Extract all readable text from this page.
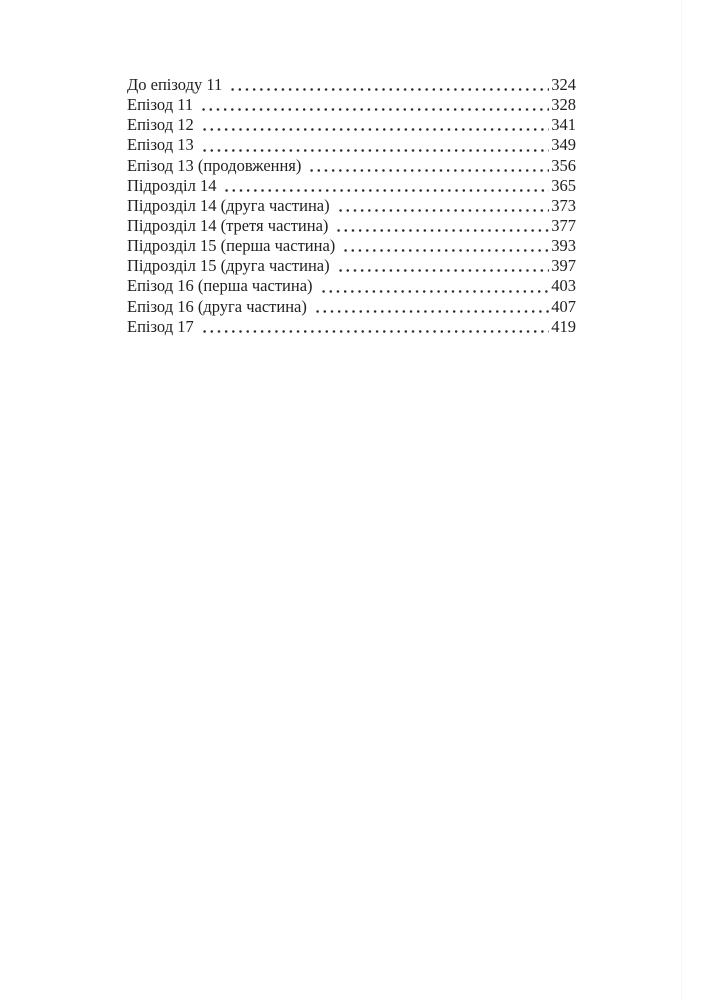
До епізоду 11	324
Епізод 11	328
Епізод 12	341
Епізод 13	349
Епізод 13 (продовження)	356
Підрозділ 14	365
Підрозділ 14 (друга частина)	373
Підрозділ 14 (третя частина)	377
Підрозділ 15 (перша частина)	393
Підрозділ 15 (друга частина)	397
Епізод 16 (перша частина)	403
Епізод 16 (друга частина)	407
Епізод 17	419
